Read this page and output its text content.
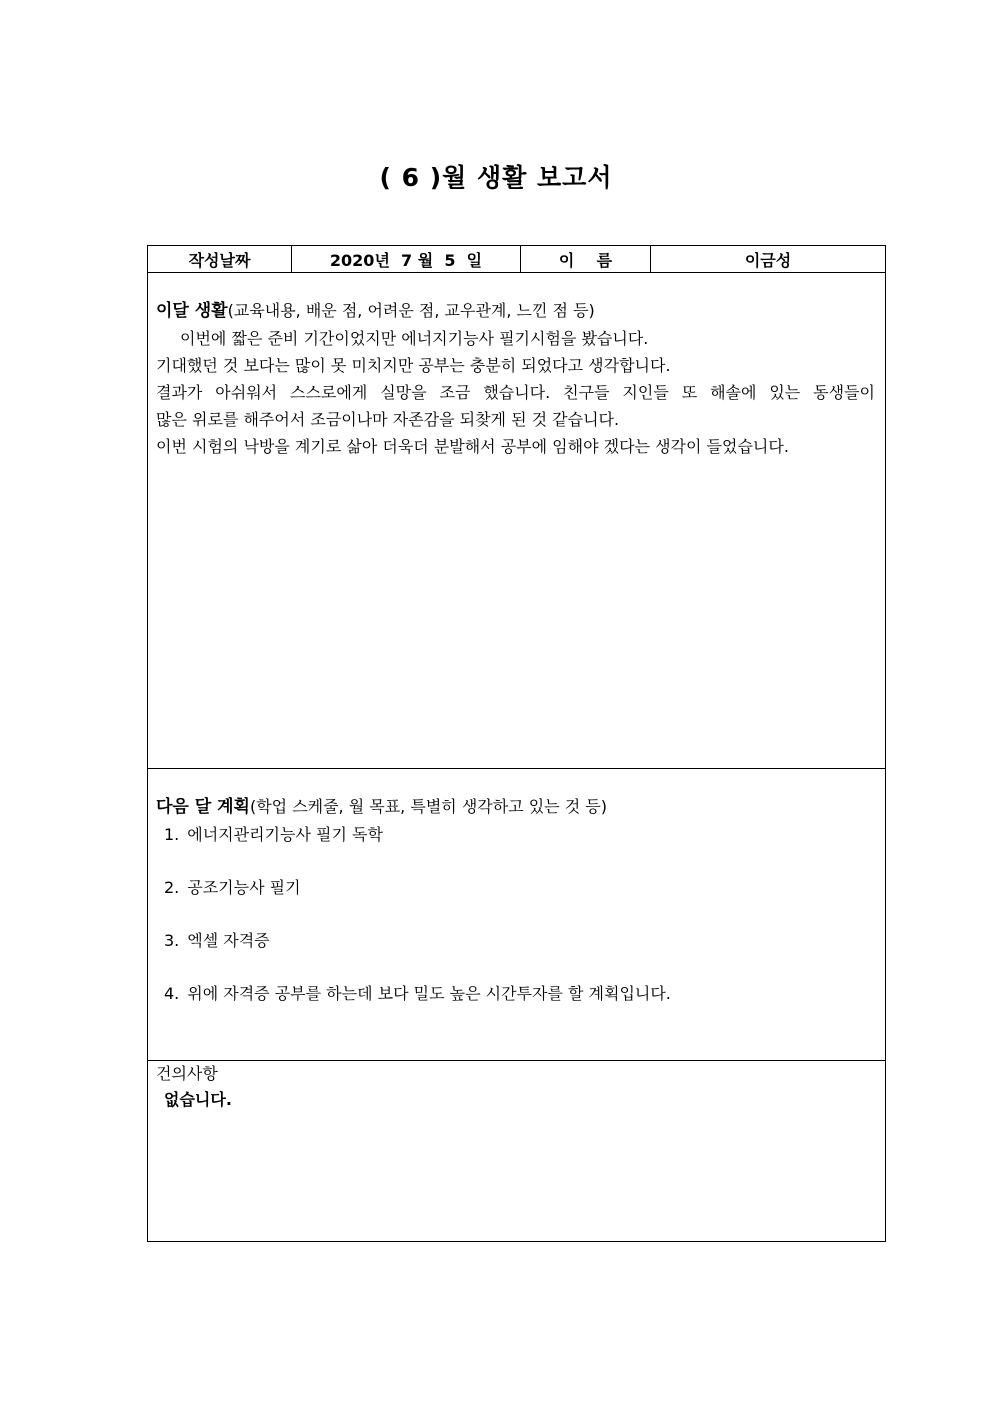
( 6 )월 생활 보고서
작성날짜	2020년  7 월  5  일	이    름	이금성

이달 생활(교육내용, 배운 점, 어려운 점, 교우관계, 느낀 점 등)
이번에 짧은 준비 기간이었지만 에너지기능사 필기시험을 봤습니다.
기대했던 것 보다는 많이 못 미치지만 공부는 충분히 되었다고 생각합니다.
결과가 아쉬워서 스스로에게 실망을 조금 했습니다. 친구들 지인들 또 해솔에 있는 동생들이
많은 위로를 해주어서 조금이나마 자존감을 되찾게 된 것 같습니다.
이번 시험의 낙방을 계기로 삶아 더욱더 분발해서 공부에 임해야 겠다는 생각이 들었습니다.

다음 달 계획(학업 스케줄, 월 목표, 특별히 생각하고 있는 것 등)
1. 에너지관리기능사 필기 독학
2. 공조기능사 필기
3. 엑셀 자격증
4. 위에 자격증 공부를 하는데 보다 밀도 높은 시간투자를 할 계획입니다.

건의사항
없습니다.
